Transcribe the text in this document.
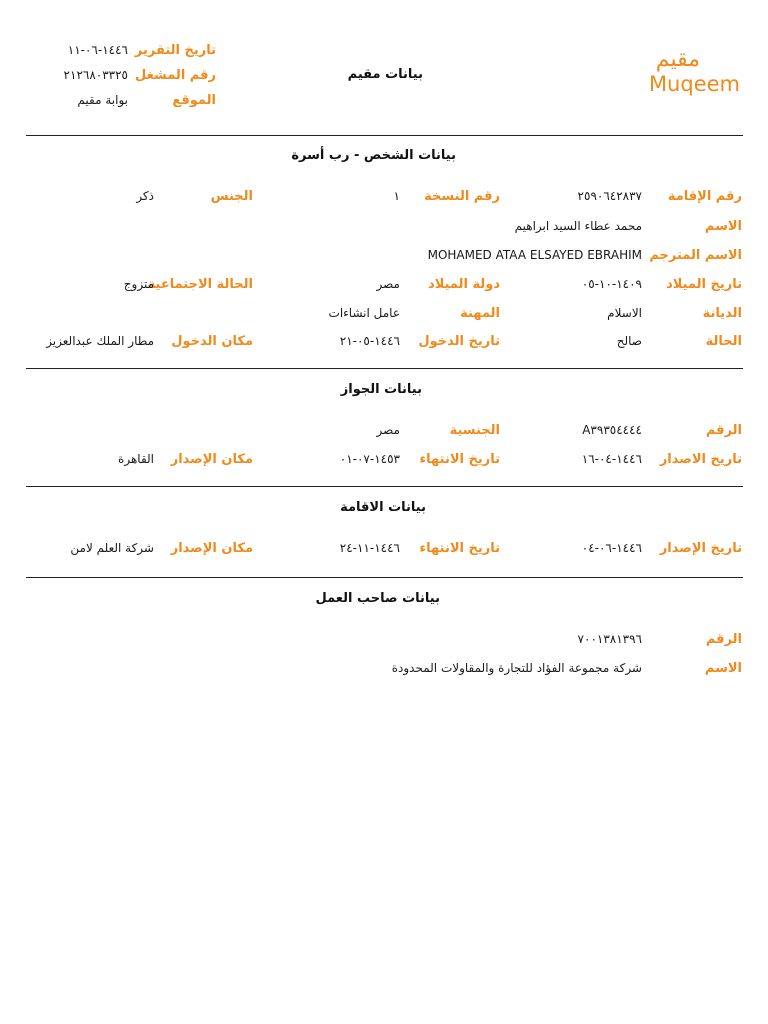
مقيم
Muqeem
بيانات مقيم
تاريخ التقرير
١٤٤٦-٠٦-١١
رقم المشغل
٢١٢٦٨٠٣٣٢٥
الموقع
بوابة مقيم
بيانات الشخص - رب أسرة
رقم الإقامة
٢٥٩٠٦٤٢٨٣٧
رقم النسخة
١
الجنس
ذكر
الاسم
محمد عطاء السيد ابراهيم
الاسم المترجم
MOHAMED ATAA ELSAYED EBRAHIM
تاريخ الميلاد
١٤٠٩-١٠-٠٥
دولة الميلاد
مصر
الحالة الاجتماعية
متزوج
الديانة
الاسلام
المهنة
عامل انشاءات
الحالة
صالح
تاريخ الدخول
١٤٤٦-٠٥-٢١
مكان الدخول
مطار الملك عبدالعزيز
بيانات الجواز
الرقم
A٣٩٣٥٤٤٤٤
الجنسية
مصر
تاريخ الاصدار
١٤٤٦-٠٤-١٦
تاريخ الانتهاء
١٤٥٣-٠٧-٠١
مكان الإصدار
القاهرة
بيانات الاقامة
تاريخ الإصدار
١٤٤٦-٠٦-٠٤
تاريخ الانتهاء
١٤٤٦-١١-٢٤
مكان الإصدار
شركة العلم لامن
بيانات صاحب العمل
الرقم
٧٠٠١٣٨١٣٩٦
الاسم
شركة مجموعة الفؤاد للتجارة والمقاولات المحدودة
